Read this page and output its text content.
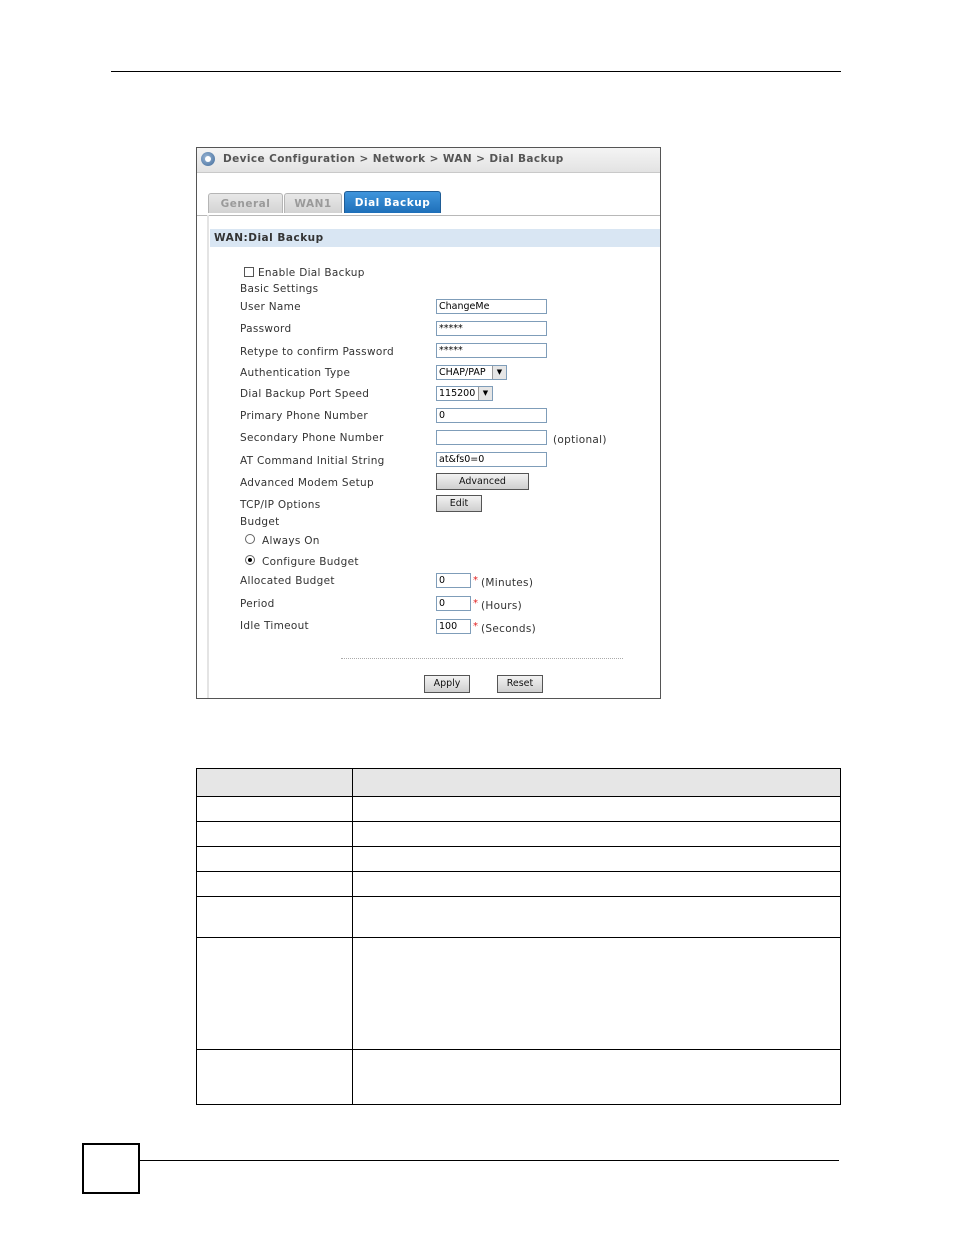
Device Configuration > Network > WAN > Dial Backup
General	WAN1	Dial Backup
WAN:Dial Backup
Enable Dial Backup
Basic Settings
User Name	ChangeMe
Password	*****
Retype to confirm Password	*****
Authentication Type	CHAP/PAP	▼
Dial Backup Port Speed	115200	▼
Primary Phone Number	0
Secondary Phone Number	(optional)
AT Command Initial String	at&fs0=0
Advanced Modem Setup	Advanced
TCP/IP Options	Edit
Budget
Always On
Configure Budget
Allocated Budget	0	* (Minutes)
Period	0	* (Hours)
Idle Timeout	100	* (Seconds)
Apply	Reset
